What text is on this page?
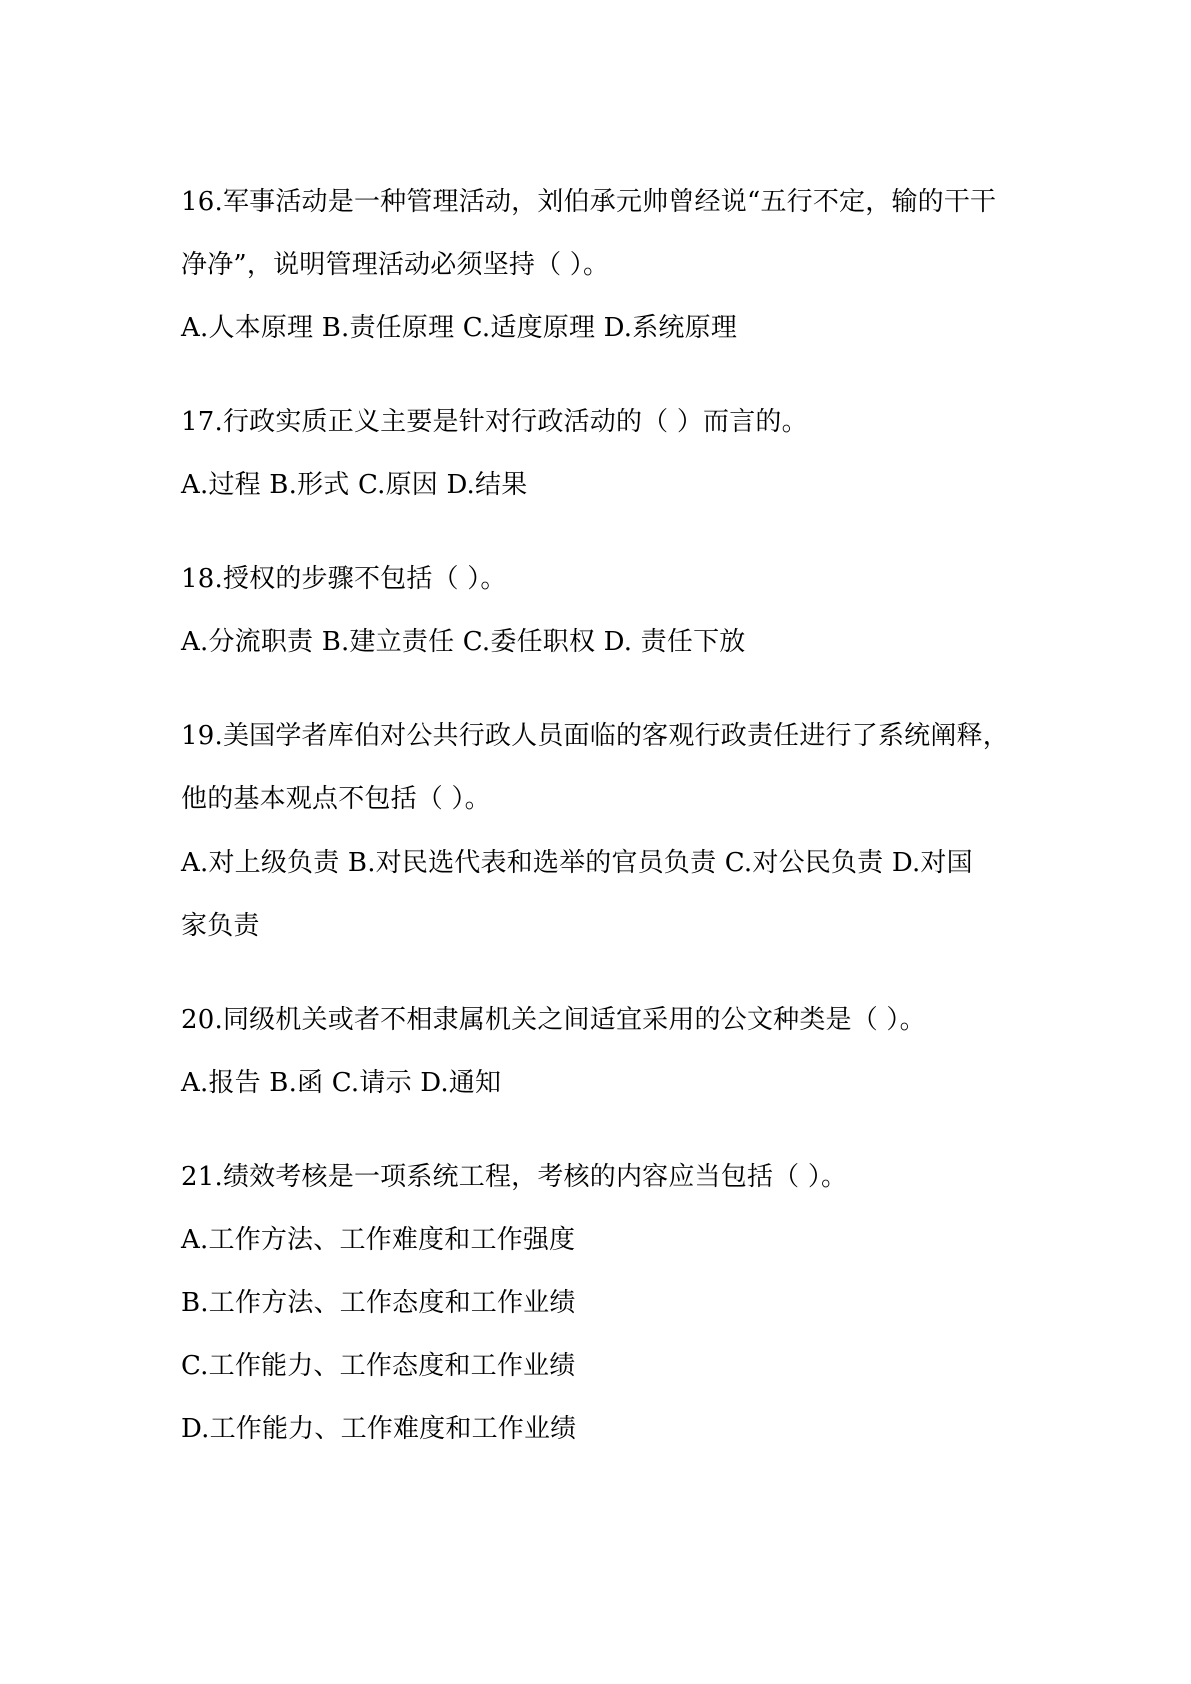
16.军事活动是一种管理活动，刘伯承元帅曾经说“五行不定，输的干干
净净”，说明管理活动必须坚持（ ）。
A.人本原理 B.责任原理 C.适度原理 D.系统原理
17.行政实质正义主要是针对行政活动的（ ）而言的。
A.过程 B.形式 C.原因 D.结果
18.授权的步骤不包括（ ）。
A.分流职责 B.建立责任 C.委任职权 D. 责任下放
19.美国学者库伯对公共行政人员面临的客观行政责任进行了系统阐释，
他的基本观点不包括（ ）。
A.对上级负责 B.对民选代表和选举的官员负责 C.对公民负责 D.对国
家负责
20.同级机关或者不相隶属机关之间适宜采用的公文种类是（ ）。
A.报告 B.函 C.请示 D.通知
21.绩效考核是一项系统工程，考核的内容应当包括（ ）。
A.工作方法、工作难度和工作强度
B.工作方法、工作态度和工作业绩
C.工作能力、工作态度和工作业绩
D.工作能力、工作难度和工作业绩
